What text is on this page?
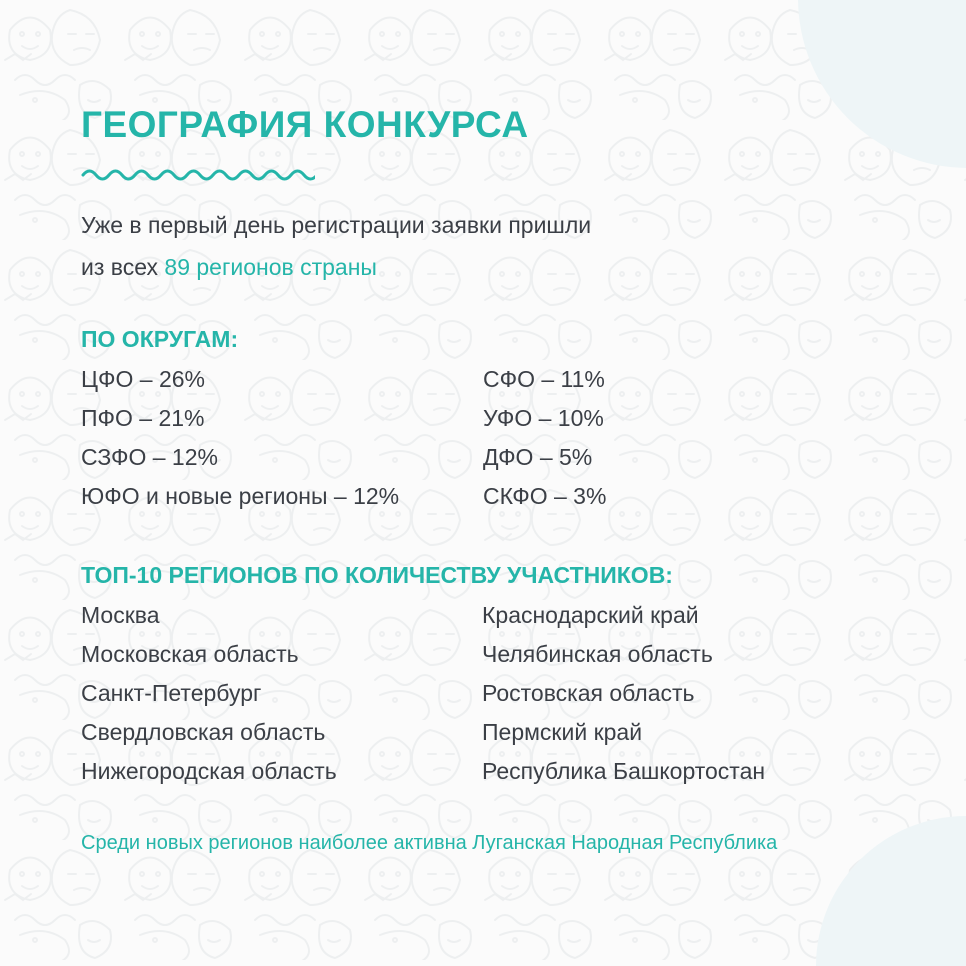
ГЕОГРАФИЯ КОНКУРСА

Уже в первый день регистрации заявки пришли
из всех 89 регионов страны

ПО ОКРУГАМ:
ЦФО – 26%
ПФО – 21%
СЗФО – 12%
ЮФО и новые регионы – 12%
СФО – 11%
УФО – 10%
ДФО – 5%
СКФО – 3%
ТОП-10 РЕГИОНОВ ПО КОЛИЧЕСТВУ УЧАСТНИКОВ:
Москва
Московская область
Санкт-Петербург
Свердловская область
Нижегородская область
Краснодарский край
Челябинская область
Ростовская область
Пермский край
Республика Башкортостан

Среди новых регионов наиболее активна Луганская Народная Республика
